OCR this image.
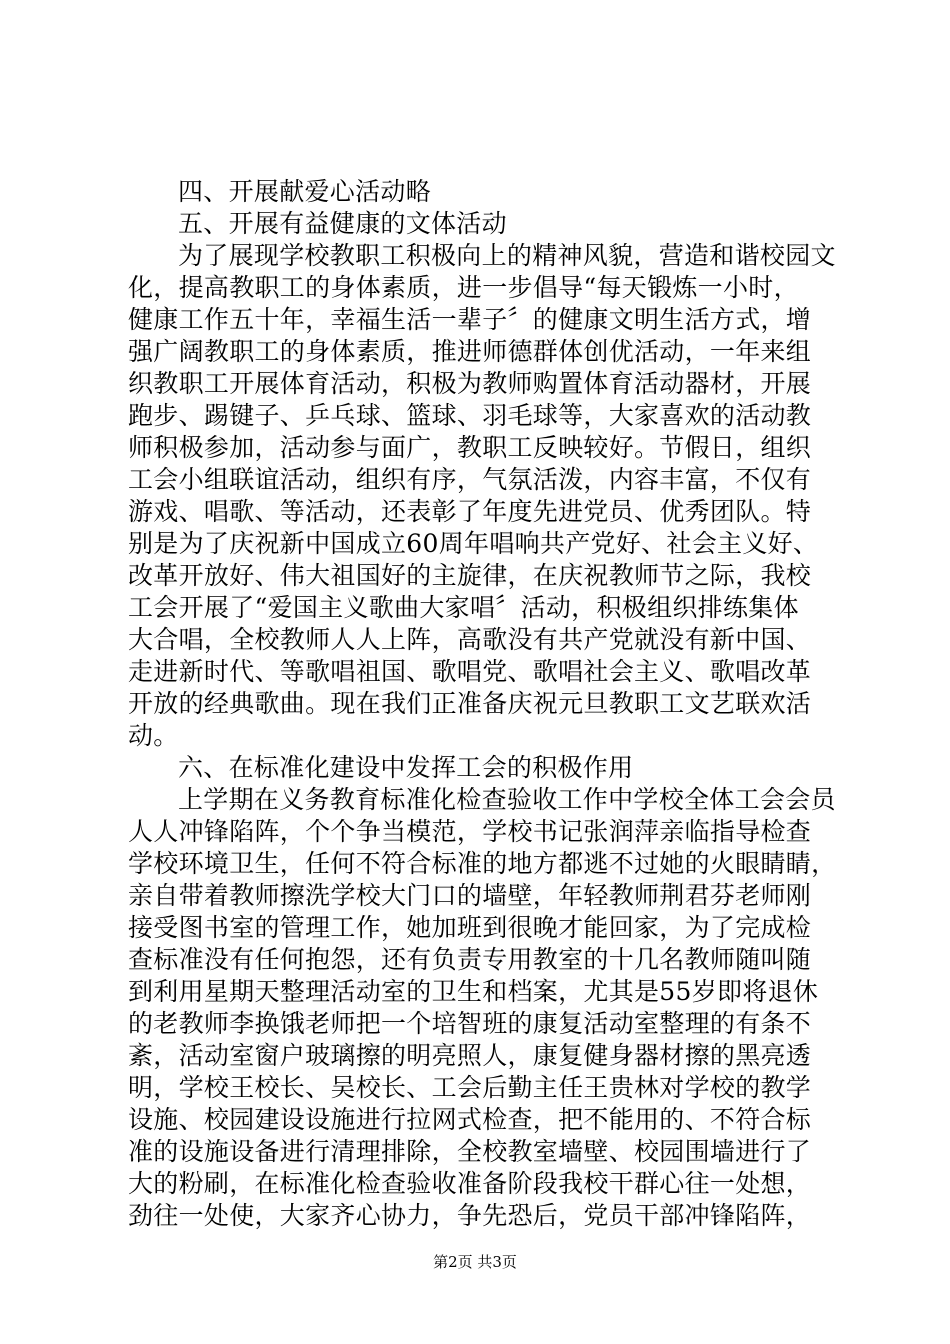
四、开展献爱心活动略
五、开展有益健康的文体活动
为了展现学校教职工积极向上的精神风貌，营造和谐校园文
化，提高教职工的身体素质，进一步倡导“每天锻炼一小时，
健康工作五十年，幸福生活一辈子〞的健康文明生活方式，增
强广阔教职工的身体素质，推进师德群体创优活动，一年来组
织教职工开展体育活动，积极为教师购置体育活动器材，开展
跑步、踢键子、乒乓球、篮球、羽毛球等，大家喜欢的活动教
师积极参加，活动参与面广，教职工反映较好。节假日，组织
工会小组联谊活动，组织有序，气氛活泼，内容丰富，不仅有
游戏、唱歌、等活动，还表彰了年度先进党员、优秀团队。特
别是为了庆祝新中国成立60周年唱响共产党好、社会主义好、
改革开放好、伟大祖国好的主旋律，在庆祝教师节之际，我校
工会开展了“爱国主义歌曲大家唱〞活动，积极组织排练集体
大合唱，全校教师人人上阵，高歌没有共产党就没有新中国、
走进新时代、等歌唱祖国、歌唱党、歌唱社会主义、歌唱改革
开放的经典歌曲。现在我们正准备庆祝元旦教职工文艺联欢活
动。
六、在标准化建设中发挥工会的积极作用
上学期在义务教育标准化检查验收工作中学校全体工会会员
人人冲锋陷阵，个个争当模范，学校书记张润萍亲临指导检查
学校环境卫生，任何不符合标准的地方都逃不过她的火眼睛睛，
亲自带着教师擦洗学校大门口的墙壁，年轻教师荆君芬老师刚
接受图书室的管理工作，她加班到很晚才能回家，为了完成检
查标准没有任何抱怨，还有负责专用教室的十几名教师随叫随
到利用星期天整理活动室的卫生和档案，尤其是55岁即将退休
的老教师李换饿老师把一个培智班的康复活动室整理的有条不
紊，活动室窗户玻璃擦的明亮照人，康复健身器材擦的黑亮透
明，学校王校长、吴校长、工会后勤主任王贵林对学校的教学
设施、校园建设设施进行拉网式检查，把不能用的、不符合标
准的设施设备进行清理排除，全校教室墙壁、校园围墙进行了
大的粉刷，在标准化检查验收准备阶段我校干群心往一处想，
劲往一处使，大家齐心协力，争先恐后，党员干部冲锋陷阵，
第2页 共3页
